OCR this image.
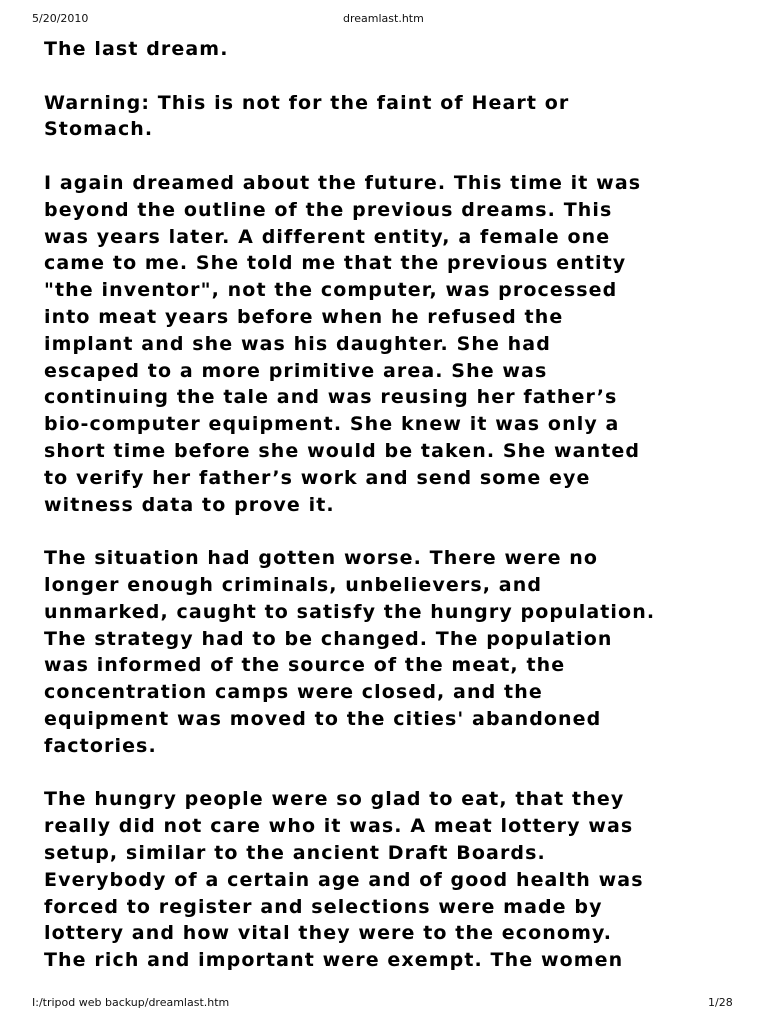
5/20/2010	dreamlast.htm

The last dream.

Warning: This is not for the faint of Heart or
Stomach.

I again dreamed about the future. This time it was
beyond the outline of the previous dreams. This
was years later. A different entity, a female one
came to me. She told me that the previous entity
"the inventor", not the computer, was processed
into meat years before when he refused the
implant and she was his daughter. She had
escaped to a more primitive area. She was
continuing the tale and was reusing her father’s
bio-computer equipment. She knew it was only a
short time before she would be taken. She wanted
to verify her father’s work and send some eye
witness data to prove it.

The situation had gotten worse. There were no
longer enough criminals, unbelievers, and
unmarked, caught to satisfy the hungry population.
The strategy had to be changed. The population
was informed of the source of the meat, the
concentration camps were closed, and the
equipment was moved to the cities' abandoned
factories.

The hungry people were so glad to eat, that they
really did not care who it was. A meat lottery was
setup, similar to the ancient Draft Boards.
Everybody of a certain age and of good health was
forced to register and selections were made by
lottery and how vital they were to the economy.
The rich and important were exempt. The women

I:/tripod web backup/dreamlast.htm	1/28
